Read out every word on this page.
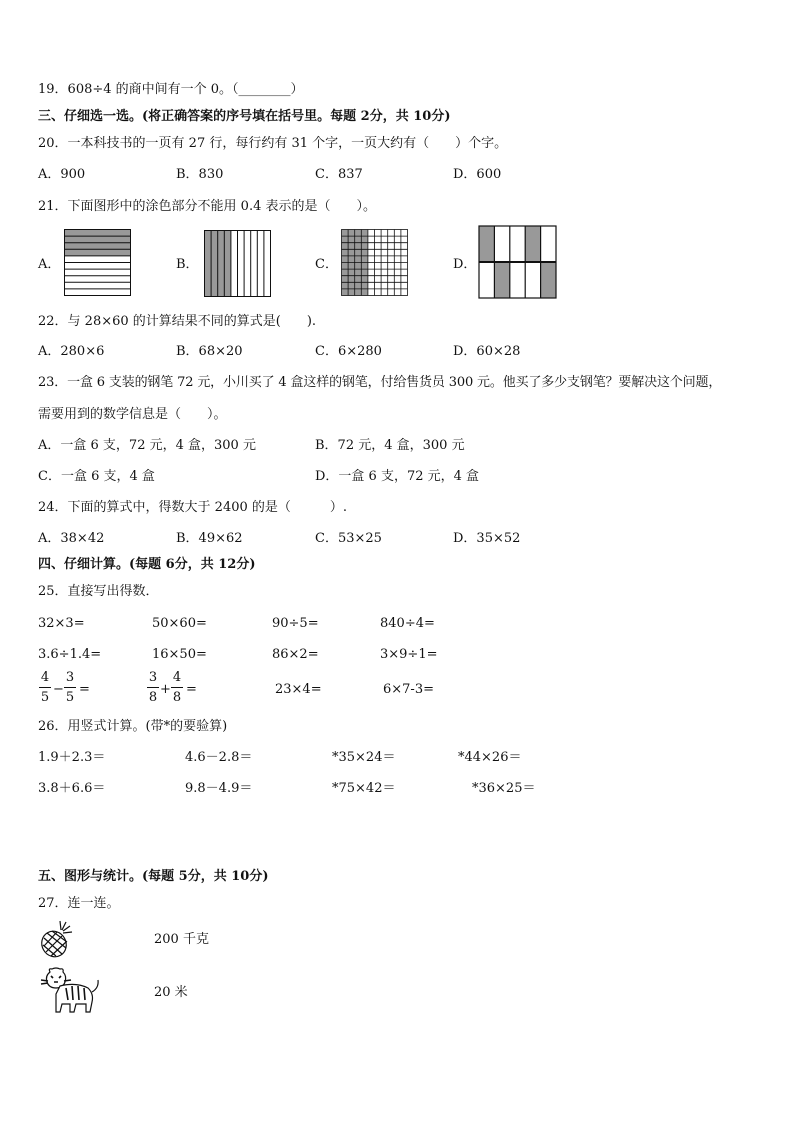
19．608÷4 的商中间有一个 0。（________）
三、仔细选一选。(将正确答案的序号填在括号里。每题 2分，共 10分)
20．一本科技书的一页有 27 行，每行约有 31 个字，一页大约有（　　）个字。
A．900	B．830	C．837	D．600
21．下面图形中的涂色部分不能用 0.4 表示的是（　　）。
A．	B．	C．	D．
22．与 28×60 的计算结果不同的算式是(　　).
A．280×6	B．68×20	C．6×280	D．60×28
23．一盒 6 支装的钢笔 72 元，小川买了 4 盒这样的钢笔，付给售货员 300 元。他买了多少支钢笔？要解决这个问题，
需要用到的数学信息是（　　）。
A．一盒 6 支，72 元，4 盒，300 元	B．72 元，4 盒，300 元
C．一盒 6 支，4 盒	D．一盒 6 支，72 元，4 盒
24．下面的算式中，得数大于 2400 的是（　　　）.
A．38×42	B．49×62	C．53×25	D．35×52
四、仔细计算。(每题 6分，共 12分)
25．直接写出得数．
32×3=	50×60=	90÷5=	840÷4=
3.6÷1.4=	16×50=	86×2=	3×9÷1=
$\frac{4}{5} - \frac{3}{5}$ =	$\frac{3}{8} + \frac{4}{8}$ =	23×4=	6×7-3=
26．用竖式计算。(带*的要验算)
1.9＋2.3＝	4.6－2.8＝	*35×24＝	*44×26＝
3.8＋6.6＝	9.8－4.9＝	*75×42＝	*36×25＝
五、图形与统计。(每题 5分，共 10分)
27．连一连。
200 千克
20 米
